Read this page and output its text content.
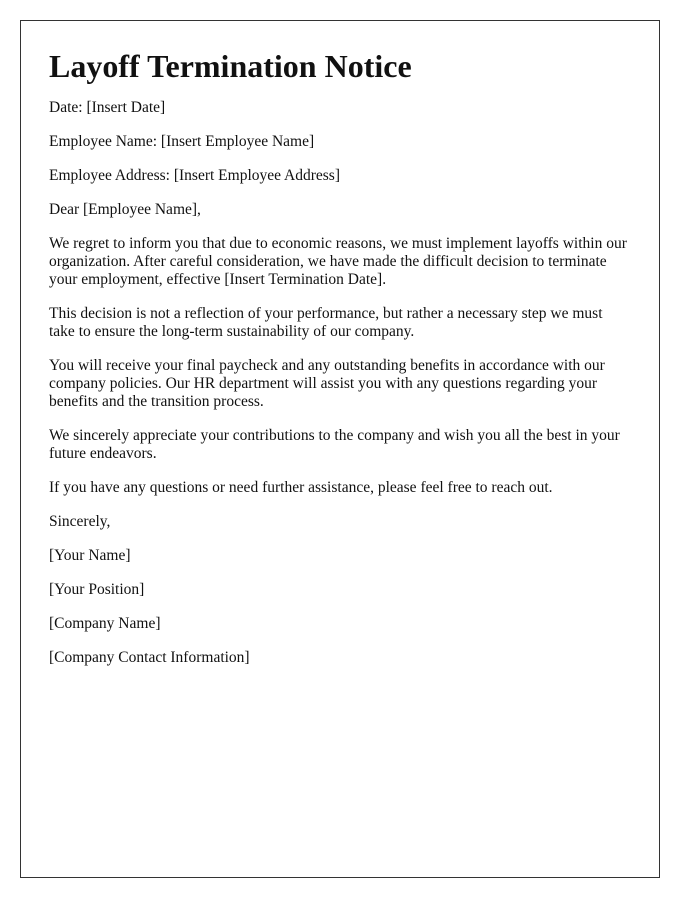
Layoff Termination Notice

Date: [Insert Date]

Employee Name: [Insert Employee Name]

Employee Address: [Insert Employee Address]

Dear [Employee Name],

We regret to inform you that due to economic reasons, we must implement layoffs within our organization. After careful consideration, we have made the difficult decision to terminate your employment, effective [Insert Termination Date].

This decision is not a reflection of your performance, but rather a necessary step we must take to ensure the long-term sustainability of our company.

You will receive your final paycheck and any outstanding benefits in accordance with our company policies. Our HR department will assist you with any questions regarding your benefits and the transition process.

We sincerely appreciate your contributions to the company and wish you all the best in your future endeavors.

If you have any questions or need further assistance, please feel free to reach out.

Sincerely,

[Your Name]

[Your Position]

[Company Name]

[Company Contact Information]
